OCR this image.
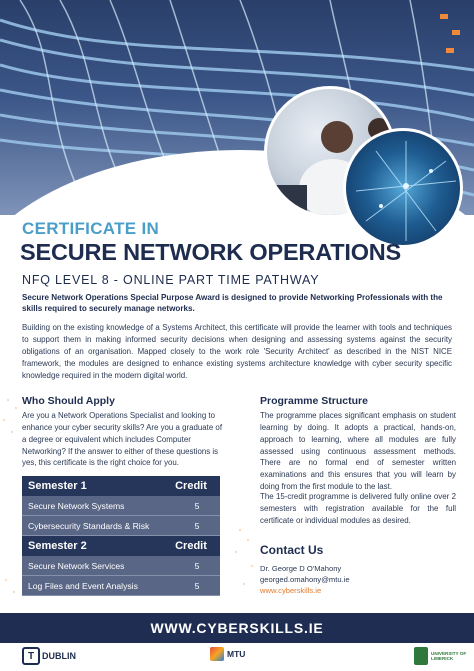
CERTIFICATE IN
SECURE NETWORK OPERATIONS
NFQ LEVEL 8 - ONLINE PART TIME PATHWAY
Secure Network Operations Special Purpose Award is designed to provide Networking Professionals with the skills required to securely manage networks.
Building on the existing knowledge of a Systems Architect, this certificate will provide the learner with tools and techniques to support them in making informed security decisions when designing and assessing systems against the security obligations of an organisation. Mapped closely to the work role 'Security Architect' as described in the NIST NICE framework, the modules are designed to enhance existing systems architecture knowledge with cyber security specific knowledge required in the modern digital world.
Who Should Apply
Are you a Network Operations Specialist and looking to enhance your cyber security skills? Are you a graduate of a degree or equivalent which includes Computer Networking? If the answer to either of these questions is yes, this certificate is the right choice for you.
Programme Structure
The programme places significant emphasis on student learning by doing. It adopts a practical, hands-on, approach to learning, where all modules are fully assessed using continuous assessment methods. There are no formal end of semester written examinations and this ensures that you will learn by doing from the first module to the last.
The 15-credit programme is delivered fully online over 2 semesters with registration available for the full certificate or individual modules as desired.
Semester 1	Credit
Secure Network Systems	5
Cybersecurity Standards & Risk	5
Semester 2	Credit
Secure Network Services	5
Log Files and Event Analysis	5
Contact Us
Dr. George D O'Mahony
georged.omahony@mtu.ie
www.cyberskills.ie
WWW.CYBERSKILLS.IE
T DUBLIN	MTU	UNIVERSITY OF LIMERICK
